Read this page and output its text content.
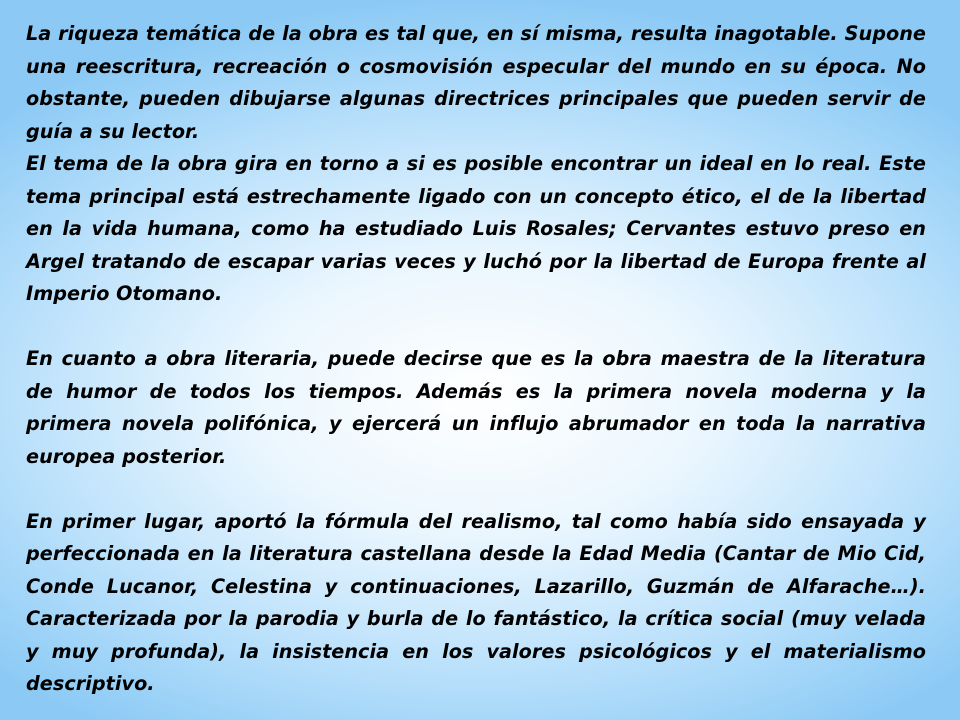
La riqueza temática de la obra es tal que, en sí misma, resulta inagotable. Supone una reescritura, recreación o cosmovisión especular del mundo en su época. No obstante, pueden dibujarse algunas directrices principales que pueden servir de guía a su lector.

El tema de la obra gira en torno a si es posible encontrar un ideal en lo real. Este tema principal está estrechamente ligado con un concepto ético, el de la libertad en la vida humana, como ha estudiado Luis Rosales; Cervantes estuvo preso en Argel tratando de escapar varias veces y luchó por la libertad de Europa frente al Imperio Otomano.

En cuanto a obra literaria, puede decirse que es la obra maestra de la literatura de humor de todos los tiempos. Además es la primera novela moderna y la primera novela polifónica, y ejercerá un influjo abrumador en toda la narrativa europea posterior.

En primer lugar, aportó la fórmula del realismo, tal como había sido ensayada y perfeccionada en la literatura castellana desde la Edad Media (Cantar de Mio Cid, Conde Lucanor, Celestina y continuaciones, Lazarillo, Guzmán de Alfarache…). Caracterizada por la parodia y burla de lo fantástico, la crítica social (muy velada y muy profunda), la insistencia en los valores psicológicos y el materialismo descriptivo.
